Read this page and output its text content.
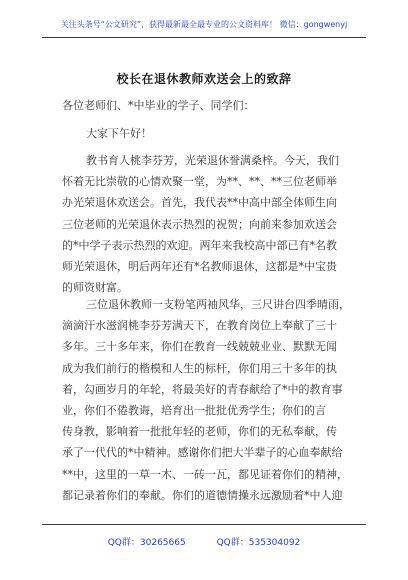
关注头条号“公文研究”，获得最新最全最专业的公文资料库！ 微信：gongwenyj
校长在退休教师欢送会上的致辞
各位老师们、*中毕业的学子、同学们：
大家下午好！
教书育人桃李芬芳，光荣退休誉满桑梓。今天，我们
怀着无比崇敬的心情欢聚一堂，为**、**、**三位老师举
办光荣退休欢送会。首先，我代表**中高中部全体师生向
三位老师的光荣退休表示热烈的祝贺；向前来参加欢送会
的*中学子表示热烈的欢迎。两年来我校高中部已有*名教
师光荣退休，明后两年还有*名教师退休，这都是*中宝贵
的师资财富。
三位退休教师一支粉笔两袖风华，三尺讲台四季晴雨，
滴滴汗水滋润桃李芬芳满天下，在教育岗位上奉献了三十
多年。三十多年来，你们在教育一线兢兢业业、默默无闻
成为我们前行的楷模和人生的标杆，你们用三十多年的执
着，勾画岁月的年轮，将最美好的青春献给了*中的教育事
业，你们不倦教诲，培育出一批批优秀学生；你们的言
传身教，影响着一批批年轻的老师，你们的无私奉献，传
承了一代代的*中精神。感谢你们把大半辈子的心血奉献给
**中，这里的一草一木、一砖一瓦，都见证着你们的精神，
都记录着你们的奉献。你们的道德情操永远激励着*中人迎
QQ群：30265665	QQ群：535304092
